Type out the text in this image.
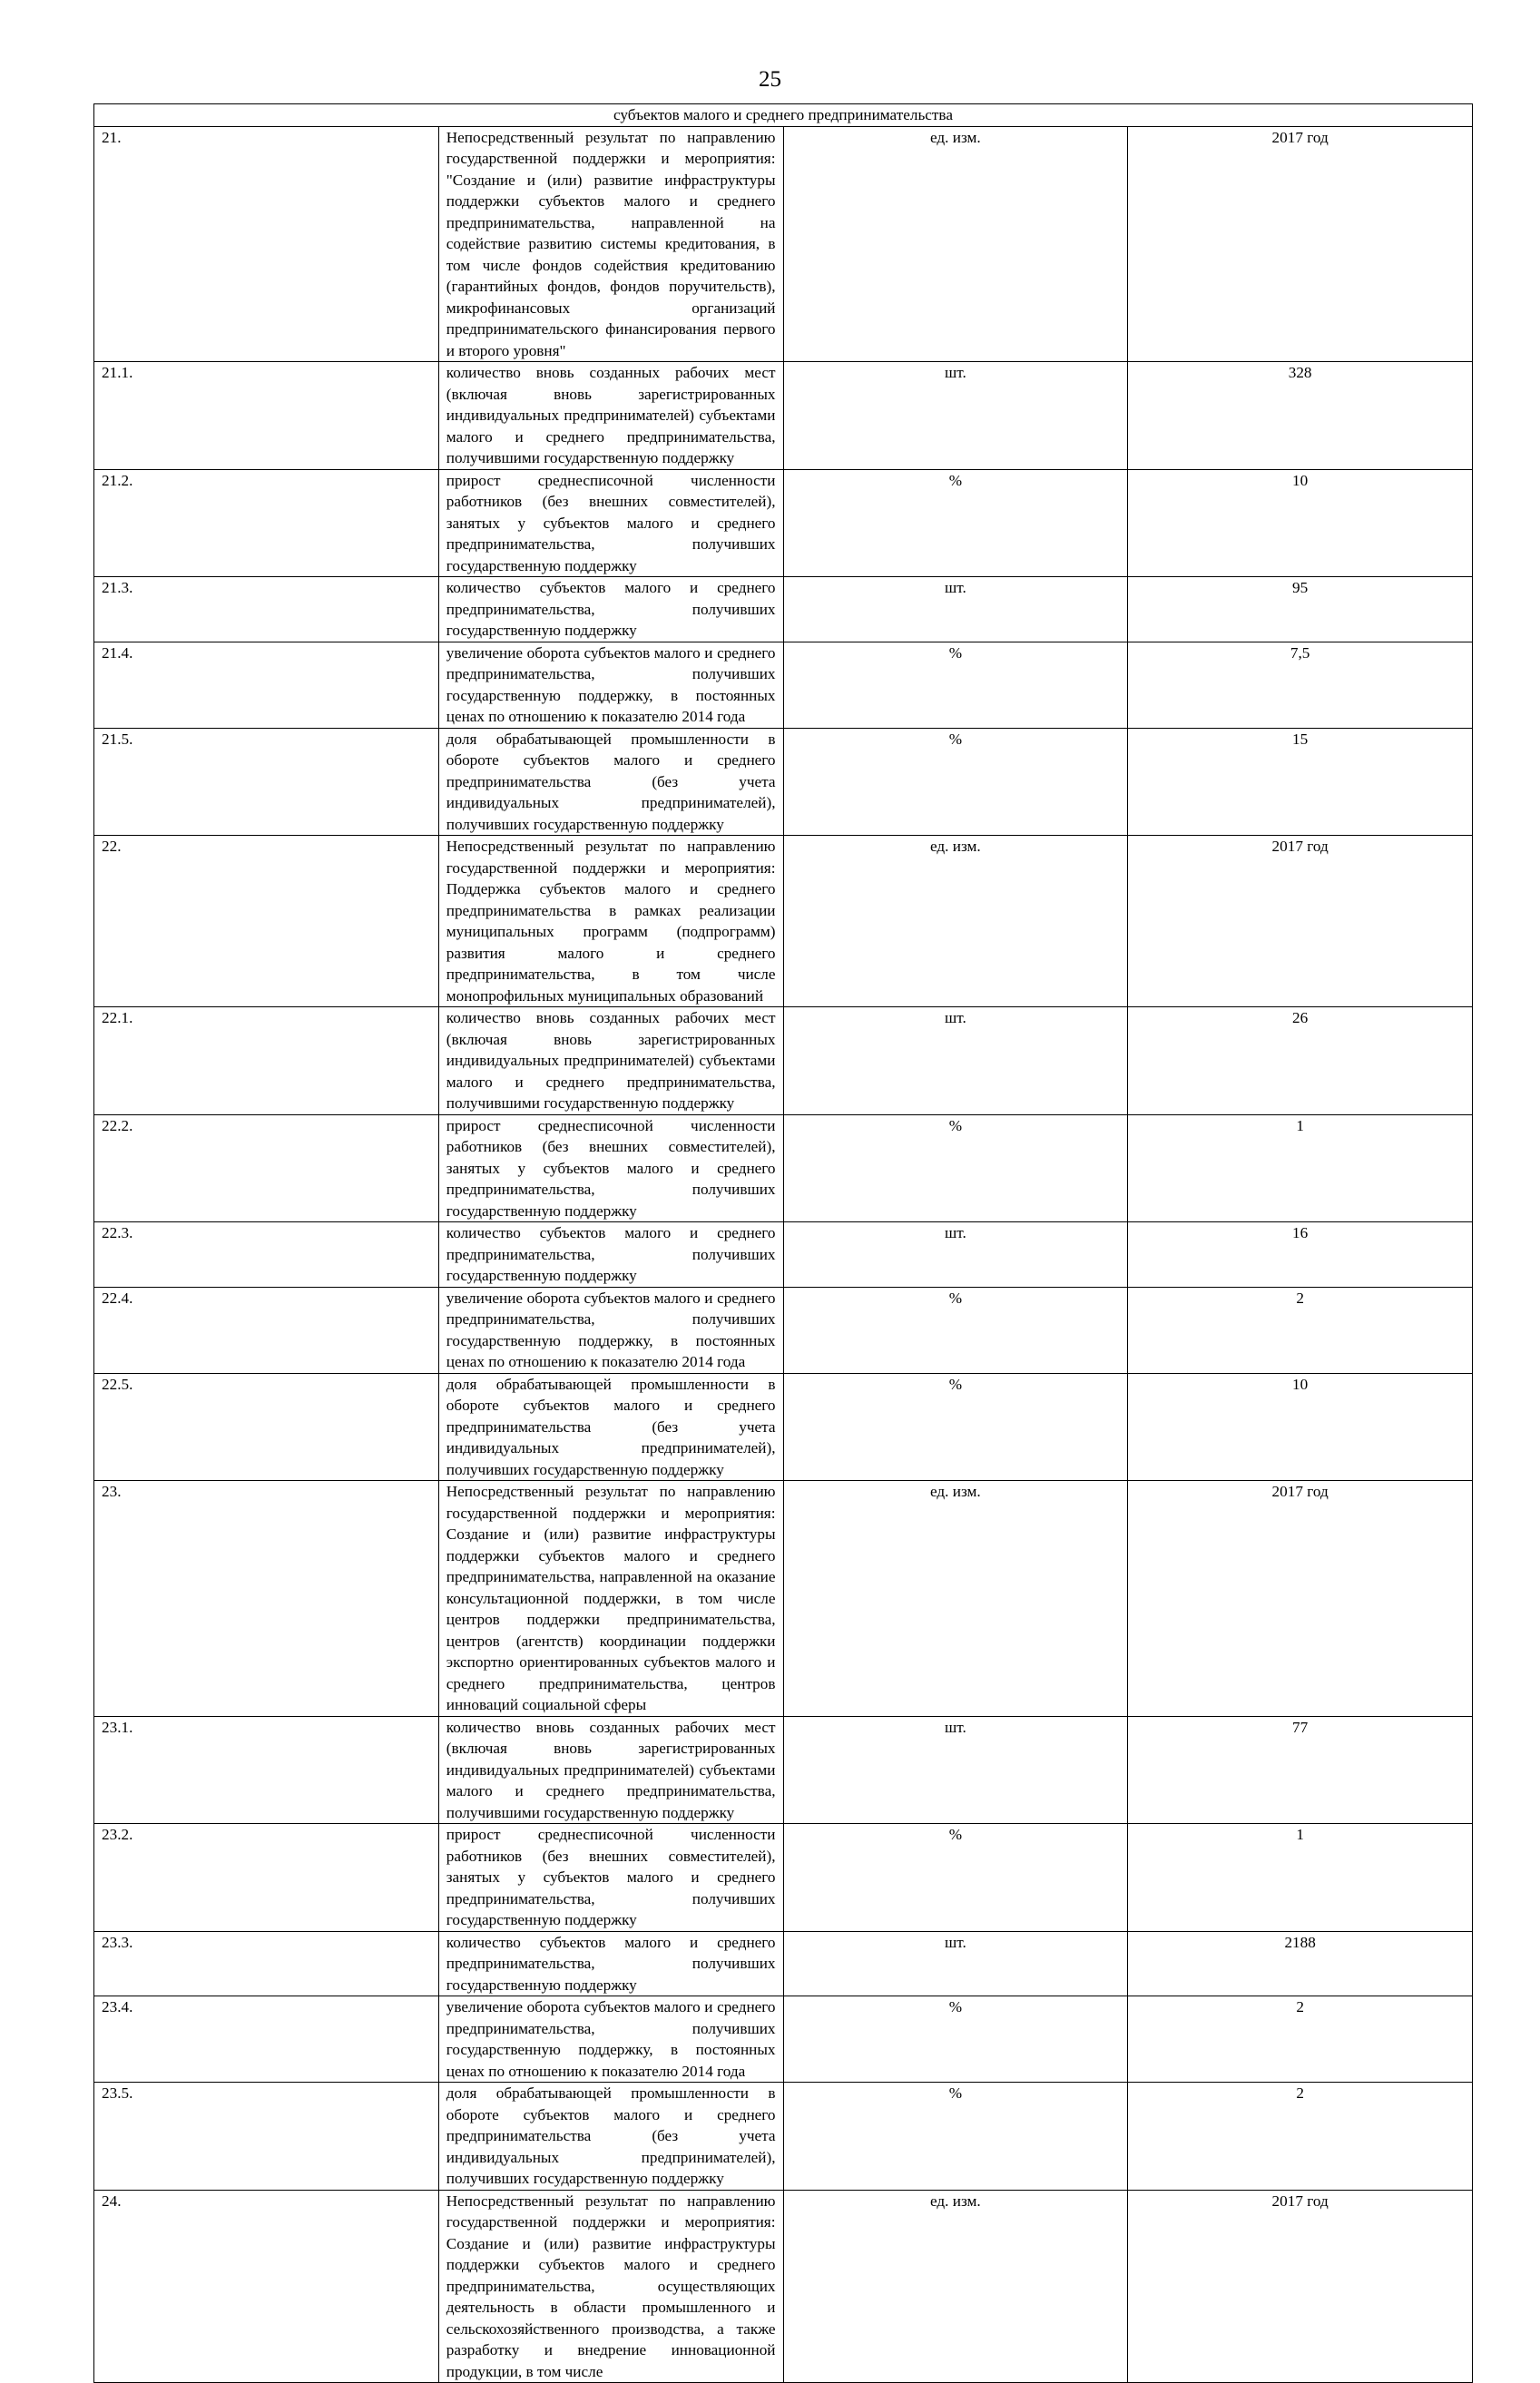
25
субъектов малого и среднего предпринимательства			
21.	Непосредственный результат по направлению государственной поддержки и мероприятия: "Создание и (или) развитие инфраструктуры поддержки субъектов малого и среднего предпринимательства, направленной на содействие развитию системы кредитования, в том числе фондов содействия кредитованию (гарантийных фондов, фондов поручительств), микрофинансовых организаций предпринимательского финансирования первого и второго уровня"	ед. изм.	2017 год
21.1.	количество вновь созданных рабочих мест (включая вновь зарегистрированных индивидуальных предпринимателей) субъектами малого и среднего предпринимательства, получившими государственную поддержку	шт.	328
21.2.	прирост среднесписочной численности работников (без внешних совместителей), занятых у субъектов малого и среднего предпринимательства, получивших государственную поддержку	%	10
21.3.	количество субъектов малого и среднего предпринимательства, получивших государственную поддержку	шт.	95
21.4.	увеличение оборота субъектов малого и среднего предпринимательства, получивших государственную поддержку, в постоянных ценах по отношению к показателю 2014 года	%	7,5
21.5.	доля обрабатывающей промышленности в обороте субъектов малого и среднего предпринимательства (без учета индивидуальных предпринимателей), получивших государственную поддержку	%	15
22.	Непосредственный результат по направлению государственной поддержки и мероприятия: Поддержка субъектов малого и среднего предпринимательства в рамках реализации муниципальных программ (подпрограмм) развития малого и среднего предпринимательства, в том числе монопрофильных муниципальных образований	ед. изм.	2017 год
22.1.	количество вновь созданных рабочих мест (включая вновь зарегистрированных индивидуальных предпринимателей) субъектами малого и среднего предпринимательства, получившими государственную поддержку	шт.	26
22.2.	прирост среднесписочной численности работников (без внешних совместителей), занятых у субъектов малого и среднего предпринимательства, получивших государственную поддержку	%	1
22.3.	количество субъектов малого и среднего предпринимательства, получивших государственную поддержку	шт.	16
22.4.	увеличение оборота субъектов малого и среднего предпринимательства, получивших государственную поддержку, в постоянных ценах по отношению к показателю 2014 года	%	2
22.5.	доля обрабатывающей промышленности в обороте субъектов малого и среднего предпринимательства (без учета индивидуальных предпринимателей), получивших государственную поддержку	%	10
23.	Непосредственный результат по направлению государственной поддержки и мероприятия: Создание и (или) развитие инфраструктуры поддержки субъектов малого и среднего предпринимательства, направленной на оказание консультационной поддержки, в том числе центров поддержки предпринимательства, центров (агентств) координации поддержки экспортно ориентированных субъектов малого и среднего предпринимательства, центров инноваций социальной сферы	ед. изм.	2017 год
23.1.	количество вновь созданных рабочих мест (включая вновь зарегистрированных индивидуальных предпринимателей) субъектами малого и среднего предпринимательства, получившими государственную поддержку	шт.	77
23.2.	прирост среднесписочной численности работников (без внешних совместителей), занятых у субъектов малого и среднего предпринимательства, получивших государственную поддержку	%	1
23.3.	количество субъектов малого и среднего предпринимательства, получивших государственную поддержку	шт.	2188
23.4.	увеличение оборота субъектов малого и среднего предпринимательства, получивших государственную поддержку, в постоянных ценах по отношению к показателю 2014 года	%	2
23.5.	доля обрабатывающей промышленности в обороте субъектов малого и среднего предпринимательства (без учета индивидуальных предпринимателей), получивших государственную поддержку	%	2
24.	Непосредственный результат по направлению государственной поддержки и мероприятия: Создание и (или) развитие инфраструктуры поддержки субъектов малого и среднего предпринимательства, осуществляющих деятельность в области промышленного и сельскохозяйственного производства, а также разработку и внедрение инновационной продукции, в том числе	ед. изм.	2017 год
